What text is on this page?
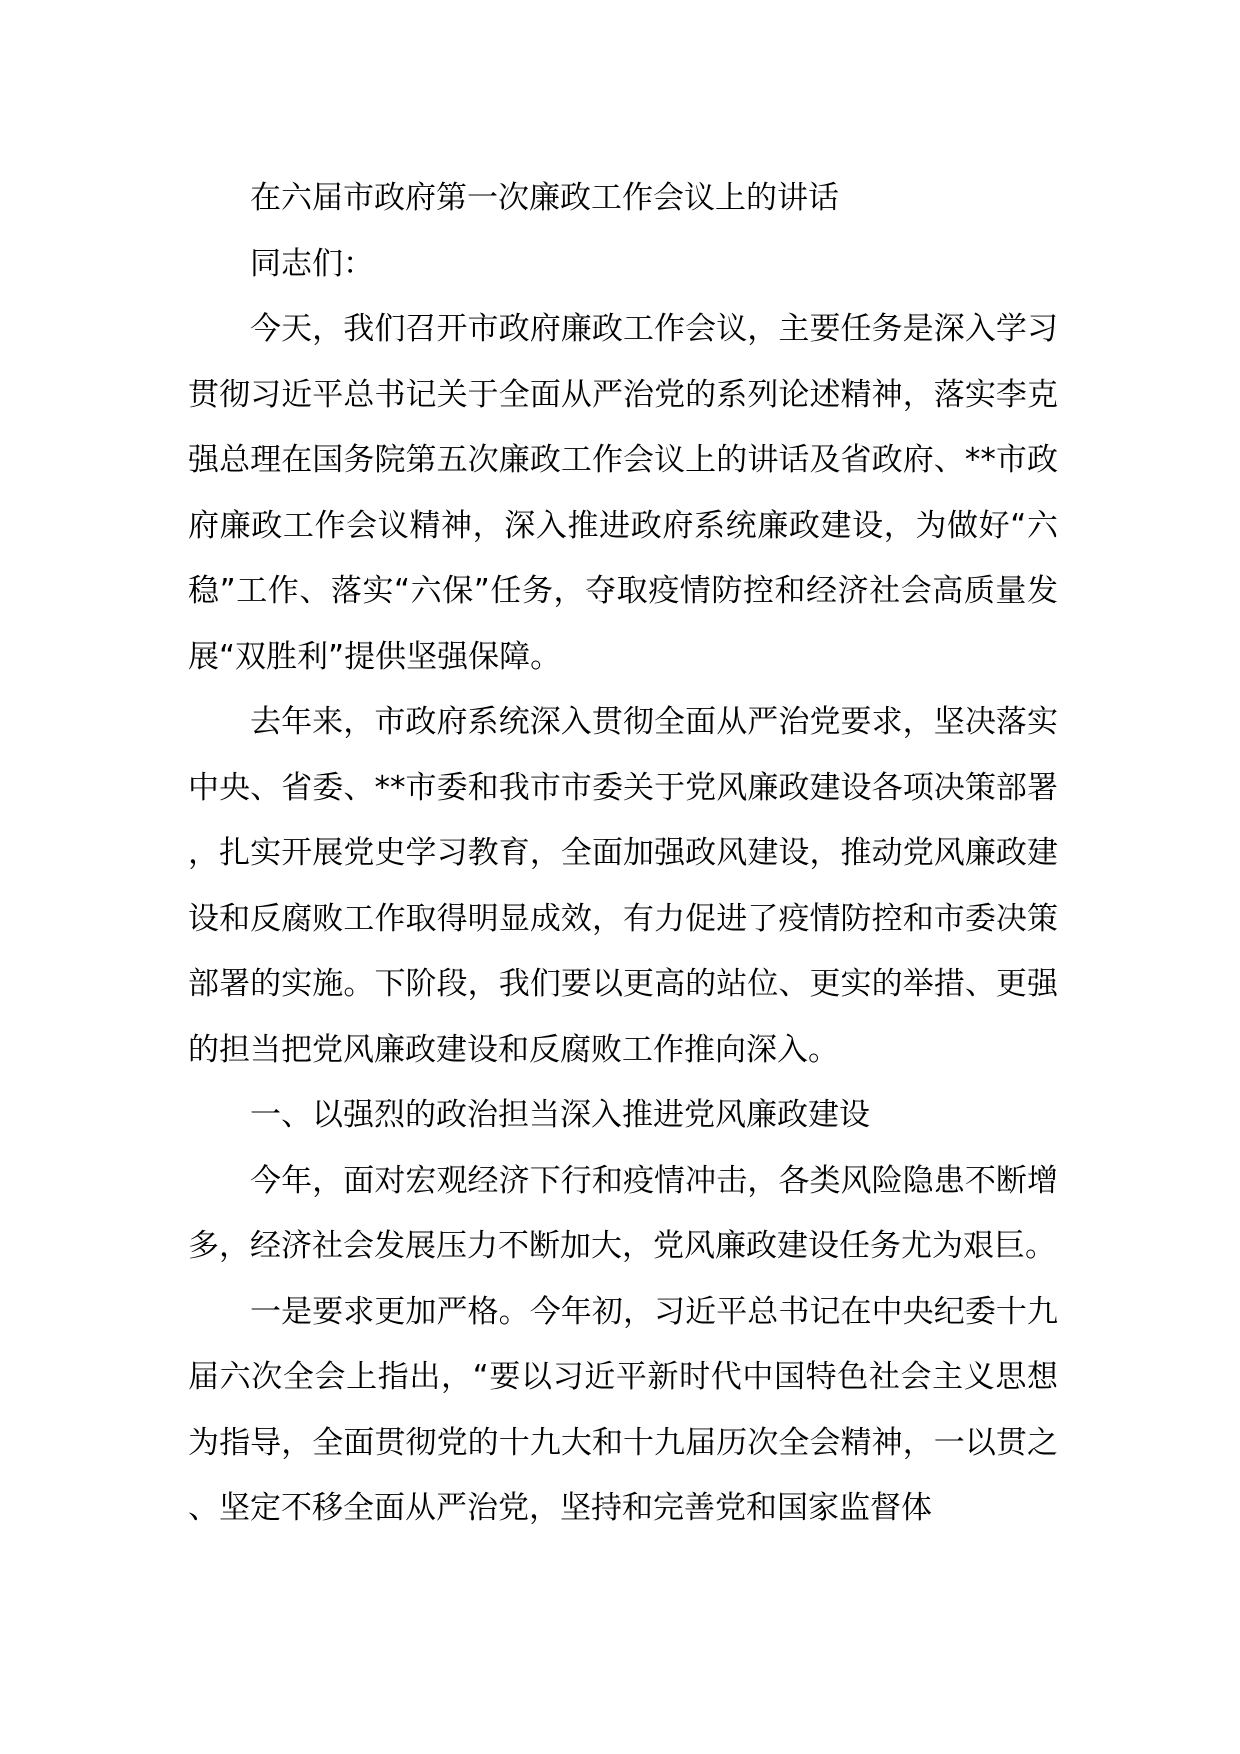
在六届市政府第一次廉政工作会议上的讲话

同志们：

今天，我们召开市政府廉政工作会议，主要任务是深入学习贯彻习近平总书记关于全面从严治党的系列论述精神，落实李克强总理在国务院第五次廉政工作会议上的讲话及省政府、**市政府廉政工作会议精神，深入推进政府系统廉政建设，为做好“六稳”工作、落实“六保”任务，夺取疫情防控和经济社会高质量发展“双胜利”提供坚强保障。

去年来，市政府系统深入贯彻全面从严治党要求，坚决落实中央、省委、**市委和我市市委关于党风廉政建设各项决策部署，扎实开展党史学习教育，全面加强政风建设，推动党风廉政建设和反腐败工作取得明显成效，有力促进了疫情防控和市委决策部署的实施。下阶段，我们要以更高的站位、更实的举措、更强的担当把党风廉政建设和反腐败工作推向深入。

一、以强烈的政治担当深入推进党风廉政建设

今年，面对宏观经济下行和疫情冲击，各类风险隐患不断增多，经济社会发展压力不断加大，党风廉政建设任务尤为艰巨。

一是要求更加严格。今年初，习近平总书记在中央纪委十九届六次全会上指出，“要以习近平新时代中国特色社会主义思想为指导，全面贯彻党的十九大和十九届历次全会精神，一以贯之、坚定不移全面从严治党，坚持和完善党和国家监督体
